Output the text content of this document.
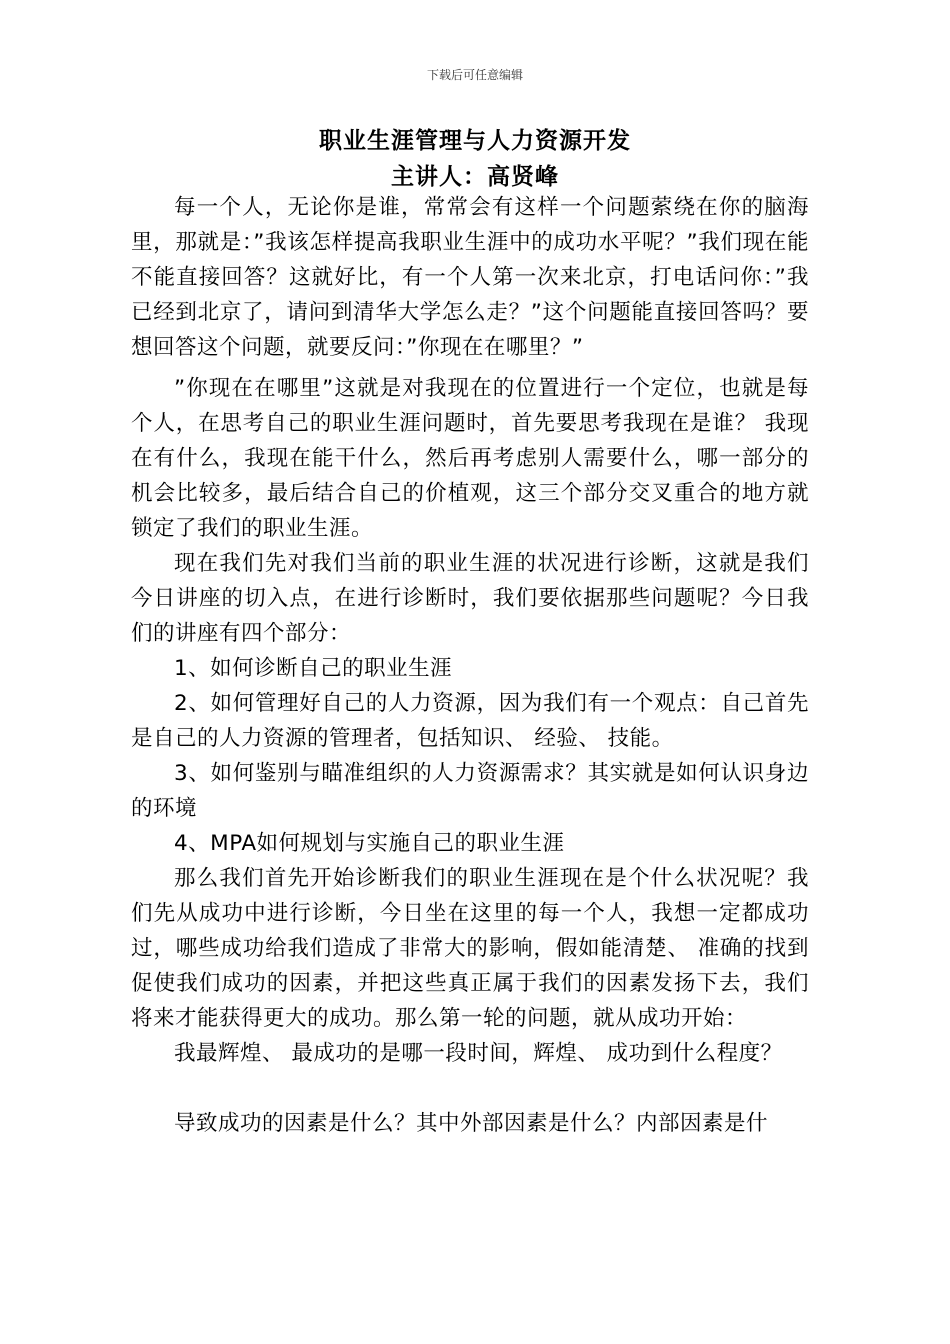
下载后可任意编辑
职业生涯管理与人力资源开发
主讲人：高贤峰

每一个人，无论你是谁，常常会有这样一个问题萦绕在你的脑海里，那就是：”我该怎样提高我职业生涯中的成功水平呢？”我们现在能不能直接回答？这就好比，有一个人第一次来北京，打电话问你：”我已经到北京了，请问到清华大学怎么走？”这个问题能直接回答吗？要想回答这个问题，就要反问：”你现在在哪里？”

”你现在在哪里”这就是对我现在的位置进行一个定位，也就是每个人，在思考自己的职业生涯问题时，首先要思考我现在是谁？ 我现在有什么，我现在能干什么，然后再考虑别人需要什么，哪一部分的机会比较多，最后结合自己的价植观，这三个部分交叉重合的地方就锁定了我们的职业生涯。

现在我们先对我们当前的职业生涯的状况进行诊断，这就是我们今日讲座的切入点，在进行诊断时，我们要依据那些问题呢？今日我们的讲座有四个部分：

1、如何诊断自己的职业生涯

2、如何管理好自己的人力资源，因为我们有一个观点：自己首先是自己的人力资源的管理者，包括知识、 经验、 技能。

3、如何鉴别与瞄准组织的人力资源需求？其实就是如何认识身边的环境

4、MPA如何规划与实施自己的职业生涯

那么我们首先开始诊断我们的职业生涯现在是个什么状况呢？我们先从成功中进行诊断，今日坐在这里的每一个人，我想一定都成功过，哪些成功给我们造成了非常大的影响，假如能清楚、 准确的找到促使我们成功的因素，并把这些真正属于我们的因素发扬下去，我们将来才能获得更大的成功。那么第一轮的问题，就从成功开始：

我最辉煌、 最成功的是哪一段时间，辉煌、 成功到什么程度？

导致成功的因素是什么？其中外部因素是什么？内部因素是什
